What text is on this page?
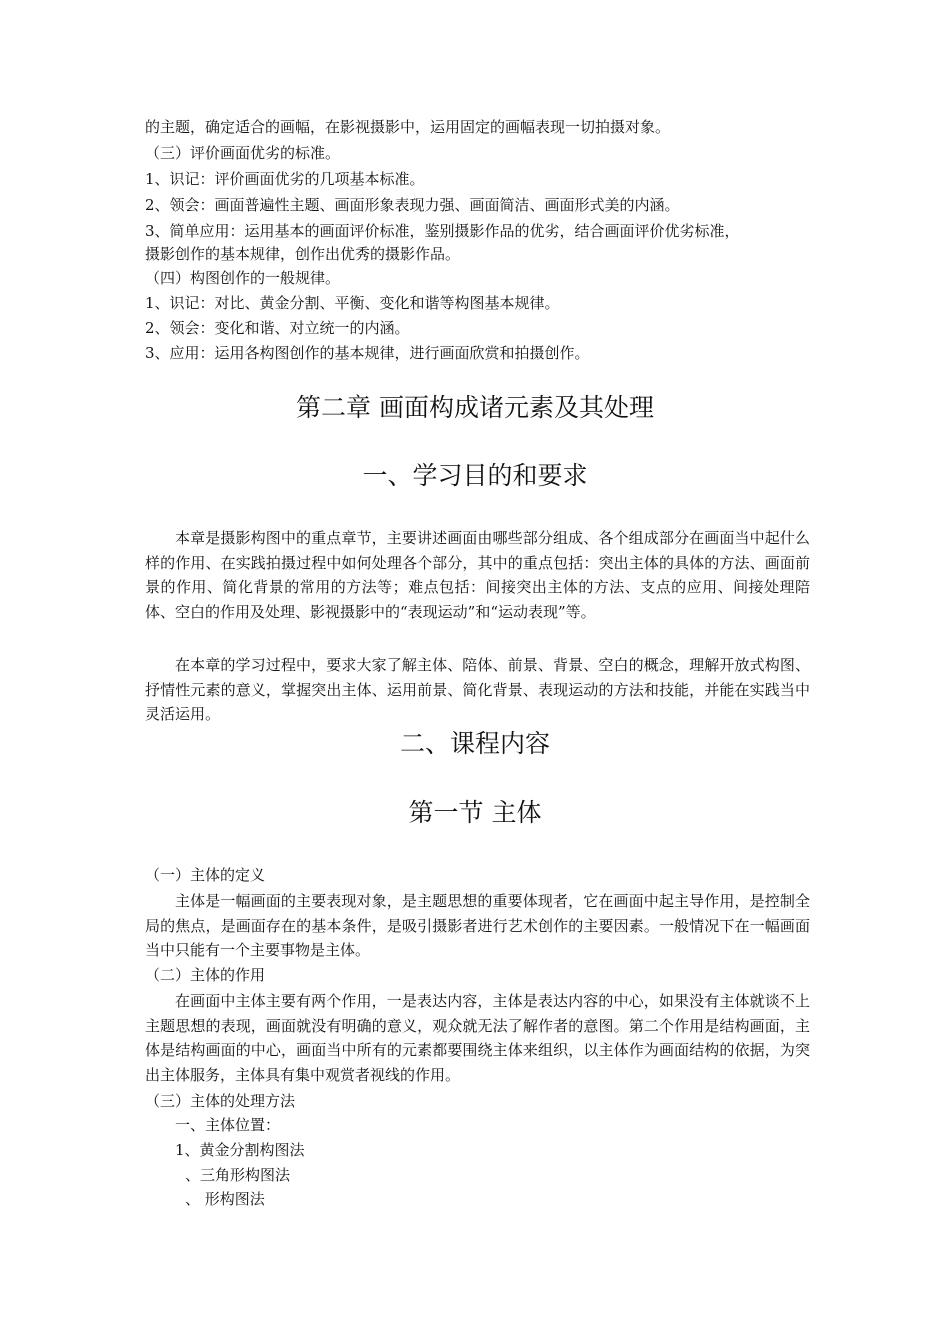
的主题，确定适合的画幅，在影视摄影中，运用固定的画幅表现一切拍摄对象。
（三）评价画面优劣的标准。
1、识记：评价画面优劣的几项基本标准。
2、领会：画面普遍性主题、画面形象表现力强、画面简洁、画面形式美的内涵。
3、简单应用：运用基本的画面评价标准，鉴别摄影作品的优劣，结合画面评价优劣标准，
摄影创作的基本规律，创作出优秀的摄影作品。
（四）构图创作的一般规律。
1、识记：对比、黄金分割、平衡、变化和谐等构图基本规律。
2、领会：变化和谐、对立统一的内涵。
3、应用：运用各构图创作的基本规律，进行画面欣赏和拍摄创作。
第二章 画面构成诸元素及其处理
一、学习目的和要求
本章是摄影构图中的重点章节，主要讲述画面由哪些部分组成、各个组成部分在画面当中起什么样的作用、在实践拍摄过程中如何处理各个部分，其中的重点包括：突出主体的具体的方法、画面前景的作用、简化背景的常用的方法等；难点包括：间接突出主体的方法、支点的应用、间接处理陪体、空白的作用及处理、影视摄影中的“表现运动”和“运动表现”等。
在本章的学习过程中，要求大家了解主体、陪体、前景、背景、空白的概念，理解开放式构图、抒情性元素的意义，掌握突出主体、运用前景、简化背景、表现运动的方法和技能，并能在实践当中灵活运用。
二、课程内容
第一节 主体
（一）主体的定义
主体是一幅画面的主要表现对象，是主题思想的重要体现者，它在画面中起主导作用，是控制全局的焦点，是画面存在的基本条件，是吸引摄影者进行艺术创作的主要因素。一般情况下在一幅画面当中只能有一个主要事物是主体。
（二）主体的作用
在画面中主体主要有两个作用，一是表达内容，主体是表达内容的中心，如果没有主体就谈不上主题思想的表现，画面就没有明确的意义，观众就无法了解作者的意图。第二个作用是结构画面，主体是结构画面的中心，画面当中所有的元素都要围绕主体来组织，以主体作为画面结构的依据，为突出主体服务，主体具有集中观赏者视线的作用。
（三）主体的处理方法
一、主体位置：
1、黄金分割构图法
、三角形构图法
、 形构图法
